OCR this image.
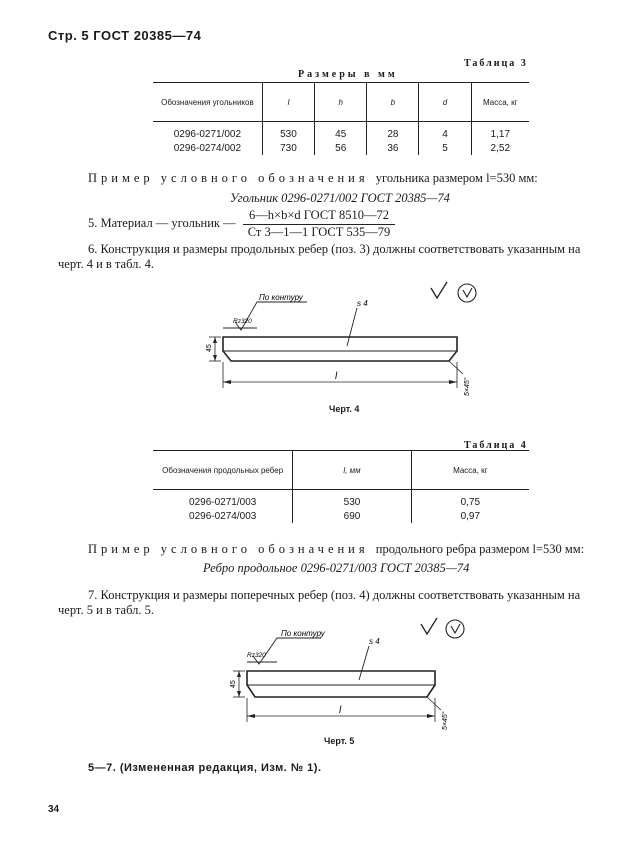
Стр. 5 ГОСТ 20385—74
Таблица 3
Размеры в мм
Обозначения угольников	l	h	b	d	Масса, кг
0296-0271/002	530	45	28	4	1,17
0296-0274/002	730	56	36	5	2,52
Пример условного обозначения угольника размером l=530 мм:
Угольник 0296-0271/002 ГОСТ 20385—74
5. Материал — угольник —
6—h×b×d ГОСТ 8510—72
Ст 3—1—1 ГОСТ 535—79
6. Конструкция и размеры продольных ребер (поз. 3) должны соответствовать указанным на
черт. 4 и в табл. 4.
По контуру
Rz320
s 4
45
l
5×45°
Черт. 4
Таблица 4
Обозначения продольных ребер	l, мм	Масса, кг
0296-0271/003	530	0,75
0296-0274/003	690	0,97
Пример условного обозначения продольного ребра размером l=530 мм:
Ребро продольное 0296-0271/003 ГОСТ 20385—74
7. Конструкция и размеры поперечных ребер (поз. 4) должны соответствовать указанным на
черт. 5 и в табл. 5.
По контуру
Rz320
s 4
45
l
5×45°
Черт. 5
5—7. (Измененная редакция, Изм. № 1).
34
